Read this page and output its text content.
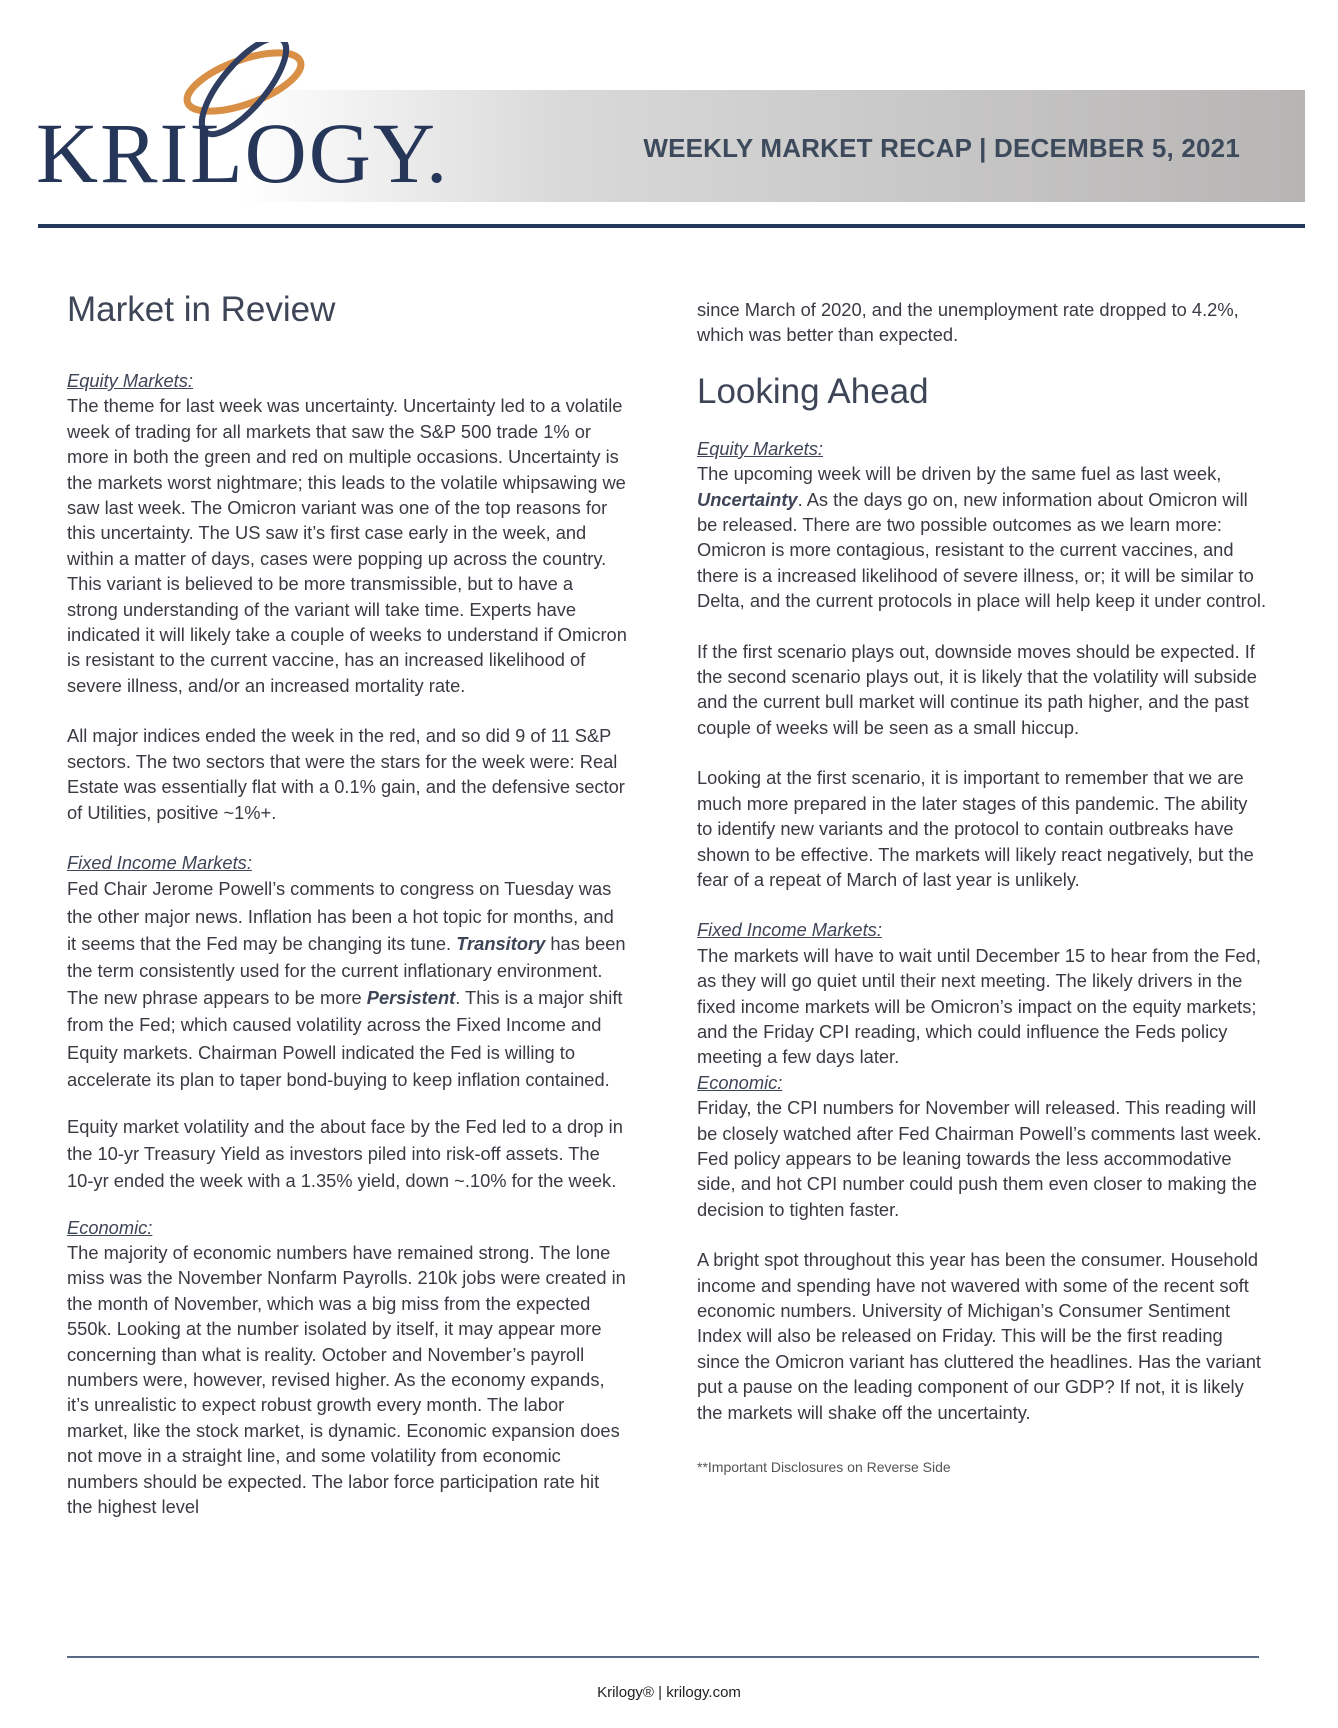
KRILOGY.	WEEKLY MARKET RECAP | DECEMBER 5, 2021
Market in Review
Equity Markets:

The theme for last week was uncertainty. Uncertainty led to a volatile week of trading for all markets that saw the S&P 500 trade 1% or more in both the green and red on multiple occasions. Uncertainty is the markets worst nightmare; this leads to the volatile whipsawing we saw last week. The Omicron variant was one of the top reasons for this uncertainty. The US saw it’s first case early in the week, and within a matter of days, cases were popping up across the country. This variant is believed to be more transmissible, but to have a strong understanding of the variant will take time. Experts have indicated it will likely take a couple of weeks to understand if Omicron is resistant to the current vaccine, has an increased likelihood of severe illness, and/or an increased mortality rate.

All major indices ended the week in the red, and so did 9 of 11 S&P sectors. The two sectors that were the stars for the week were: Real Estate was essentially flat with a 0.1% gain, and the defensive sector of Utilities, positive ~1%+.

Fixed Income Markets:

Fed Chair Jerome Powell’s comments to congress on Tuesday was the other major news. Inflation has been a hot topic for months, and it seems that the Fed may be changing its tune. Transitory has been the term consistently used for the current inflationary environment. The new phrase appears to be more Persistent. This is a major shift from the Fed; which caused volatility across the Fixed Income and Equity markets. Chairman Powell indicated the Fed is willing to accelerate its plan to taper bond-buying to keep inflation contained.

Equity market volatility and the about face by the Fed led to a drop in the 10-yr Treasury Yield as investors piled into risk-off assets. The 10-yr ended the week with a 1.35% yield, down ~.10% for the week.

Economic:

The majority of economic numbers have remained strong. The lone miss was the November Nonfarm Payrolls. 210k jobs were created in the month of November, which was a big miss from the expected 550k. Looking at the number isolated by itself, it may appear more concerning than what is reality. October and November’s payroll numbers were, however, revised higher. As the economy expands, it’s unrealistic to expect robust growth every month. The labor market, like the stock market, is dynamic. Economic expansion does not move in a straight line, and some volatility from economic numbers should be expected. The labor force participation rate hit the highest level

since March of 2020, and the unemployment rate dropped to 4.2%, which was better than expected.

Looking Ahead
Equity Markets:

The upcoming week will be driven by the same fuel as last week, Uncertainty. As the days go on, new information about Omicron will be released. There are two possible outcomes as we learn more: Omicron is more contagious, resistant to the current vaccines, and there is a increased likelihood of severe illness, or; it will be similar to Delta, and the current protocols in place will help keep it under control.

If the first scenario plays out, downside moves should be expected. If the second scenario plays out, it is likely that the volatility will subside and the current bull market will continue its path higher, and the past couple of weeks will be seen as a small hiccup.

Looking at the first scenario, it is important to remember that we are much more prepared in the later stages of this pandemic. The ability to identify new variants and the protocol to contain outbreaks have shown to be effective. The markets will likely react negatively, but the fear of a repeat of March of last year is unlikely.

Fixed Income Markets:

The markets will have to wait until December 15 to hear from the Fed, as they will go quiet until their next meeting. The likely drivers in the fixed income markets will be Omicron’s impact on the equity markets; and the Friday CPI reading, which could influence the Feds policy meeting a few days later.

Economic:

Friday, the CPI numbers for November will released. This reading will be closely watched after Fed Chairman Powell’s comments last week. Fed policy appears to be leaning towards the less accommodative side, and hot CPI number could push them even closer to making the decision to tighten faster.

A bright spot throughout this year has been the consumer. Household income and spending have not wavered with some of the recent soft economic numbers. University of Michigan’s Consumer Sentiment Index will also be released on Friday. This will be the first reading since the Omicron variant has cluttered the headlines. Has the variant put a pause on the leading component of our GDP? If not, it is likely the markets will shake off the uncertainty.

**Important Disclosures on Reverse Side

Krilogy® | krilogy.com
